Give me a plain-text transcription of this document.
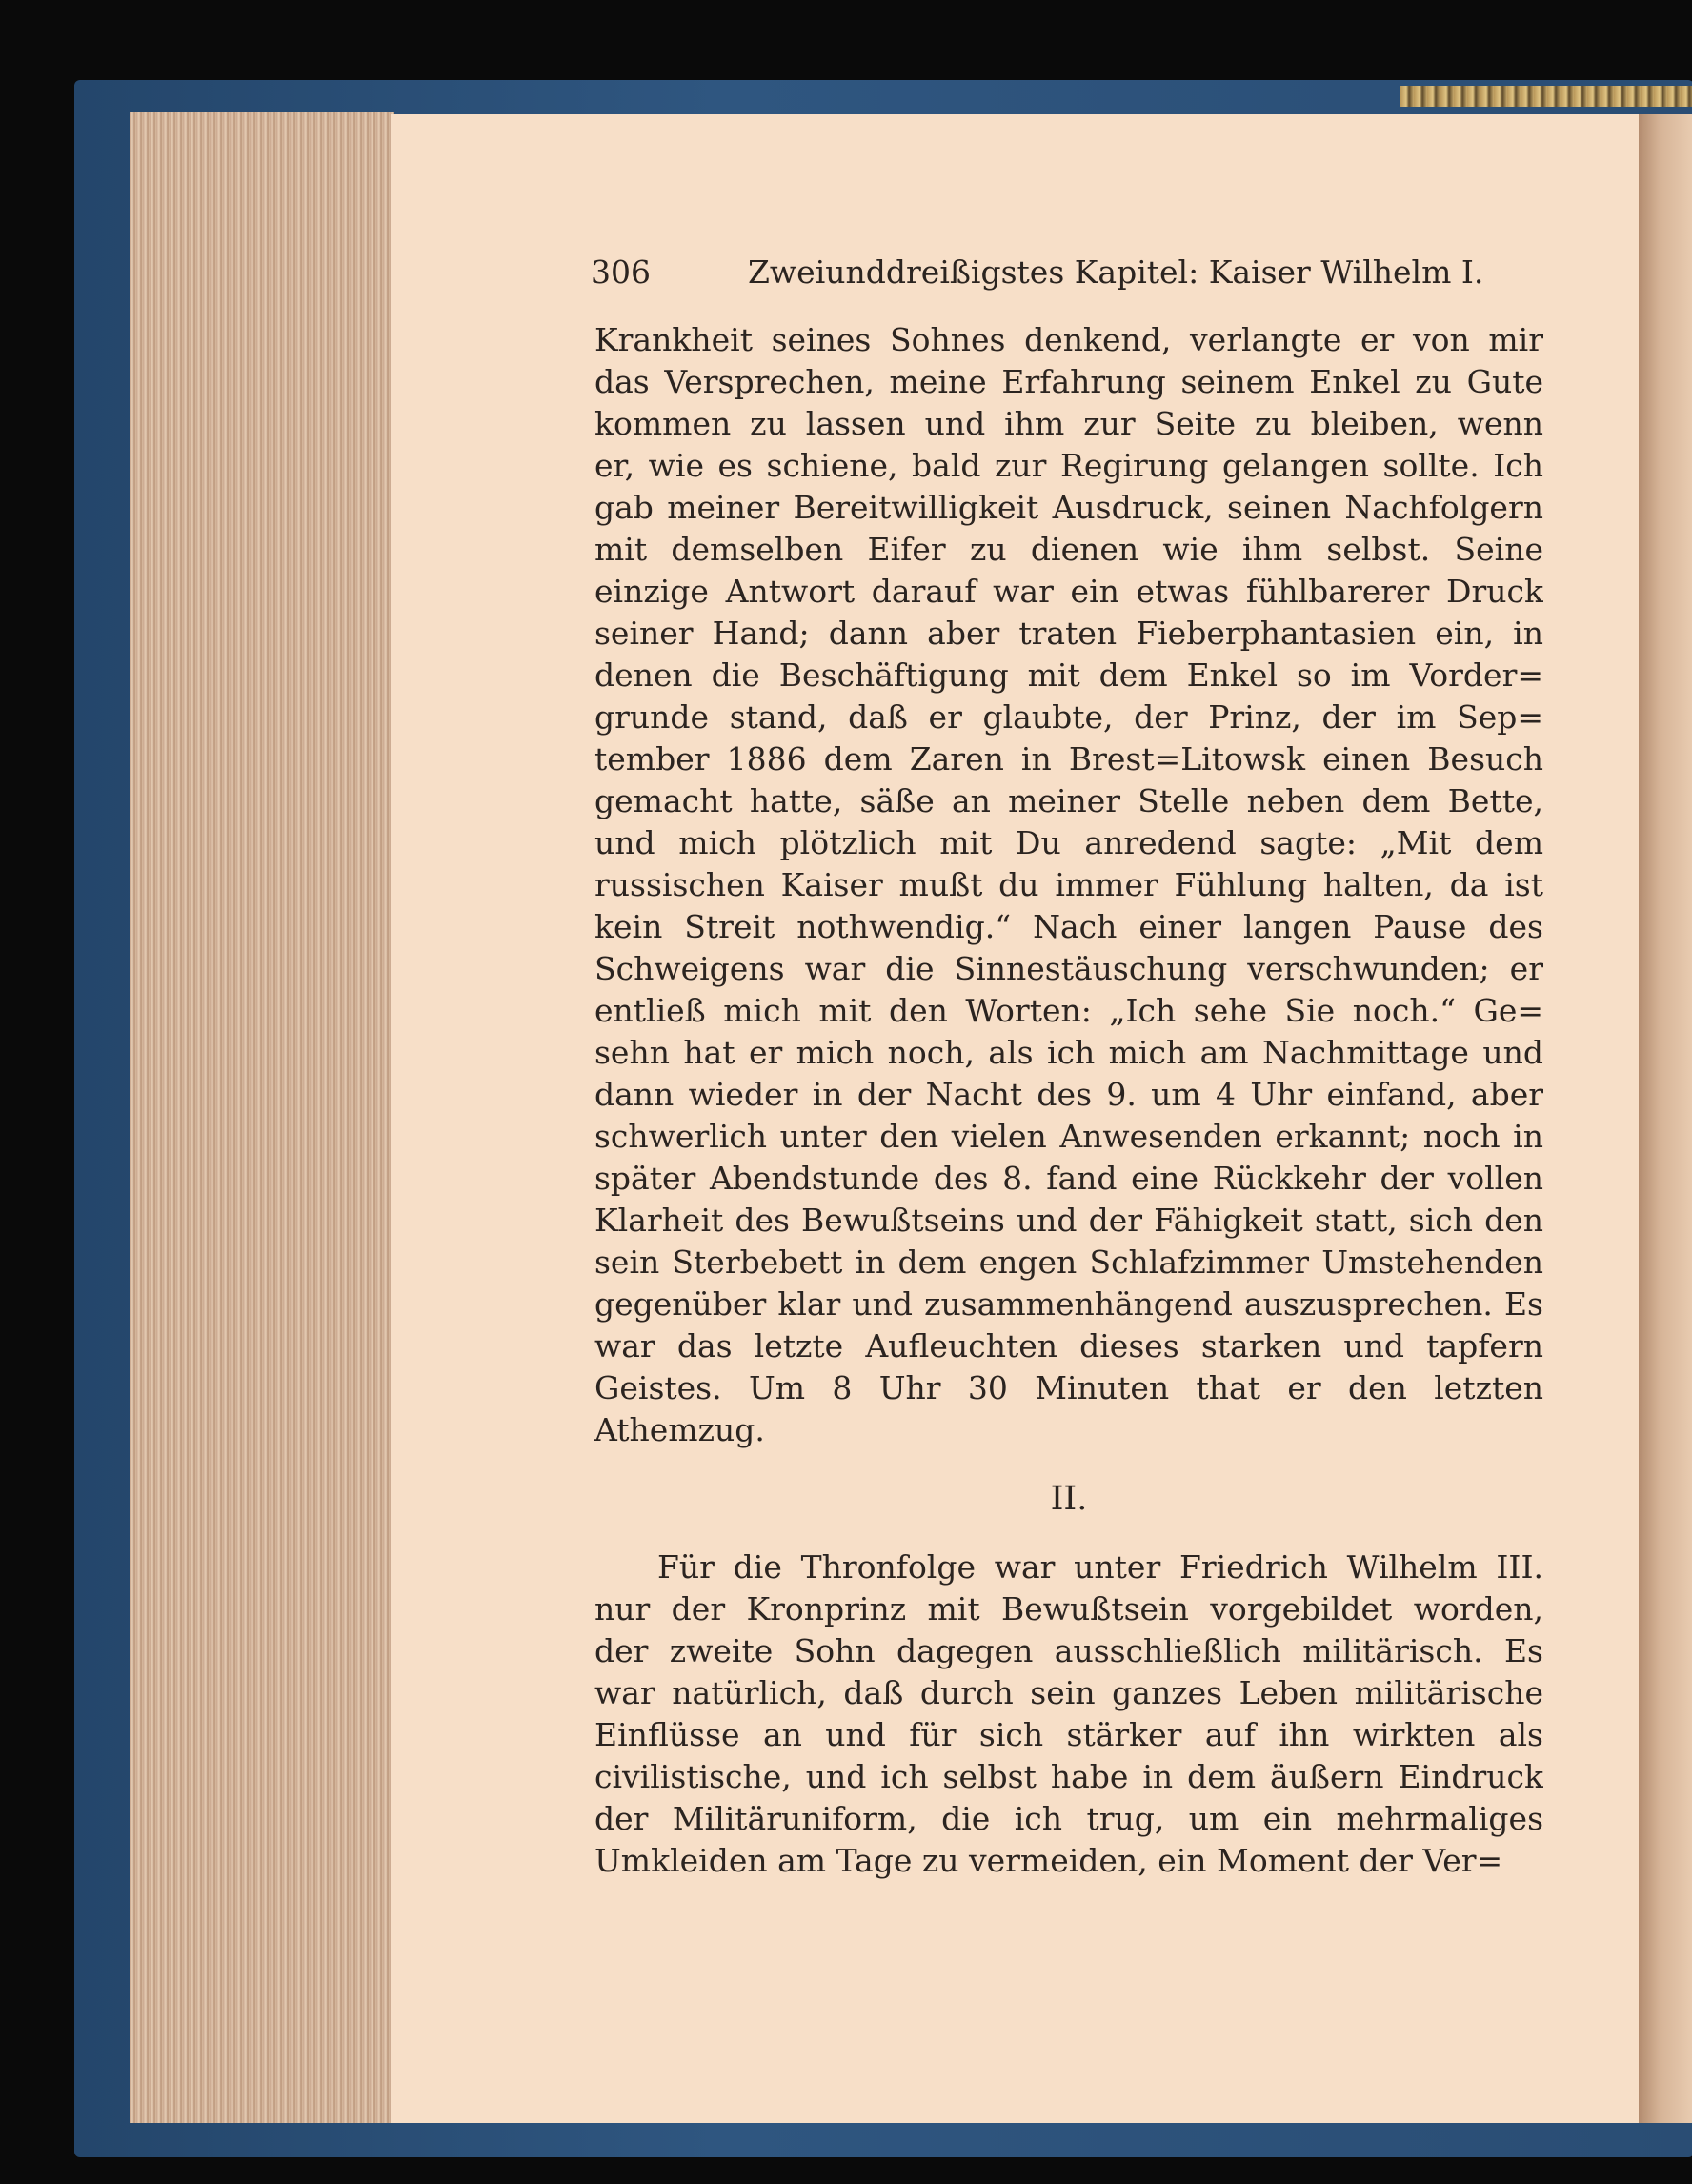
306	Zweiunddreißigstes Kapitel: Kaiser Wilhelm I.
Krankheit seines Sohnes denkend, verlangte er von mir
das Versprechen, meine Erfahrung seinem Enkel zu Gute
kommen zu lassen und ihm zur Seite zu bleiben, wenn
er, wie es schiene, bald zur Regirung gelangen sollte. Ich
gab meiner Bereitwilligkeit Ausdruck, seinen Nachfolgern
mit demselben Eifer zu dienen wie ihm selbst. Seine
einzige Antwort darauf war ein etwas fühlbarerer Druck
seiner Hand; dann aber traten Fieberphantasien ein, in
denen die Beschäftigung mit dem Enkel so im Vorder=
grunde stand, daß er glaubte, der Prinz, der im Sep=
tember 1886 dem Zaren in Brest=Litowsk einen Besuch
gemacht hatte, säße an meiner Stelle neben dem Bette,
und mich plötzlich mit Du anredend sagte: „Mit dem
russischen Kaiser mußt du immer Fühlung halten, da ist
kein Streit nothwendig.“ Nach einer langen Pause des
Schweigens war die Sinnestäuschung verschwunden; er
entließ mich mit den Worten: „Ich sehe Sie noch.“ Ge=
sehn hat er mich noch, als ich mich am Nachmittage und
dann wieder in der Nacht des 9. um 4 Uhr einfand, aber
schwerlich unter den vielen Anwesenden erkannt; noch in
später Abendstunde des 8. fand eine Rückkehr der vollen
Klarheit des Bewußtseins und der Fähigkeit statt, sich den
sein Sterbebett in dem engen Schlafzimmer Umstehenden
gegenüber klar und zusammenhängend auszusprechen. Es
war das letzte Aufleuchten dieses starken und tapfern
Geistes. Um 8 Uhr 30 Minuten that er den letzten
Athemzug.
II.
Für die Thronfolge war unter Friedrich Wilhelm III.
nur der Kronprinz mit Bewußtsein vorgebildet worden,
der zweite Sohn dagegen ausschließlich militärisch. Es
war natürlich, daß durch sein ganzes Leben militärische
Einflüsse an und für sich stärker auf ihn wirkten als
civilistische, und ich selbst habe in dem äußern Eindruck
der Militäruniform, die ich trug, um ein mehrmaliges
Umkleiden am Tage zu vermeiden, ein Moment der Ver=
